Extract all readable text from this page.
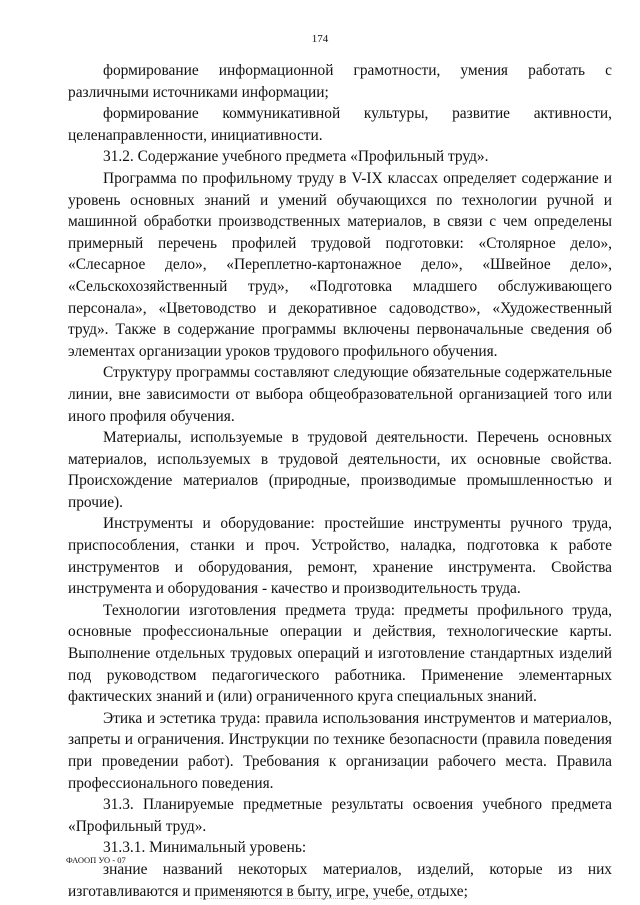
174

формирование информационной грамотности, умения работать с различными источниками информации;

формирование коммуникативной культуры, развитие активности, целенаправленности, инициативности.

31.2. Содержание учебного предмета «Профильный труд».

Программа по профильному труду в V-IX классах определяет содержание и уровень основных знаний и умений обучающихся по технологии ручной и машинной обработки производственных материалов, в связи с чем определены примерный перечень профилей трудовой подготовки: «Столярное дело», «Слесарное дело», «Переплетно-картонажное дело», «Швейное дело», «Сельскохозяйственный труд», «Подготовка младшего обслуживающего персонала», «Цветоводство и декоративное садоводство», «Художественный труд». Также в содержание программы включены первоначальные сведения об элементах организации уроков трудового профильного обучения.

Структуру программы составляют следующие обязательные содержательные линии, вне зависимости от выбора общеобразовательной организацией того или иного профиля обучения.

Материалы, используемые в трудовой деятельности. Перечень основных материалов, используемых в трудовой деятельности, их основные свойства. Происхождение материалов (природные, производимые промышленностью и прочие).

Инструменты и оборудование: простейшие инструменты ручного труда, приспособления, станки и проч. Устройство, наладка, подготовка к работе инструментов и оборудования, ремонт, хранение инструмента. Свойства инструмента и оборудования - качество и производительность труда.

Технологии изготовления предмета труда: предметы профильного труда, основные профессиональные операции и действия, технологические карты. Выполнение отдельных трудовых операций и изготовление стандартных изделий под руководством педагогического работника. Применение элементарных фактических знаний и (или) ограниченного круга специальных знаний.

Этика и эстетика труда: правила использования инструментов и материалов, запреты и ограничения. Инструкции по технике безопасности (правила поведения при проведении работ). Требования к организации рабочего места. Правила профессионального поведения.

31.3. Планируемые предметные результаты освоения учебного предмета «Профильный труд».

31.3.1. Минимальный уровень:

знание названий некоторых материалов, изделий, которые из них изготавливаются и применяются в быту, игре, учебе, отдыхе;

ФАООП УО - 07
